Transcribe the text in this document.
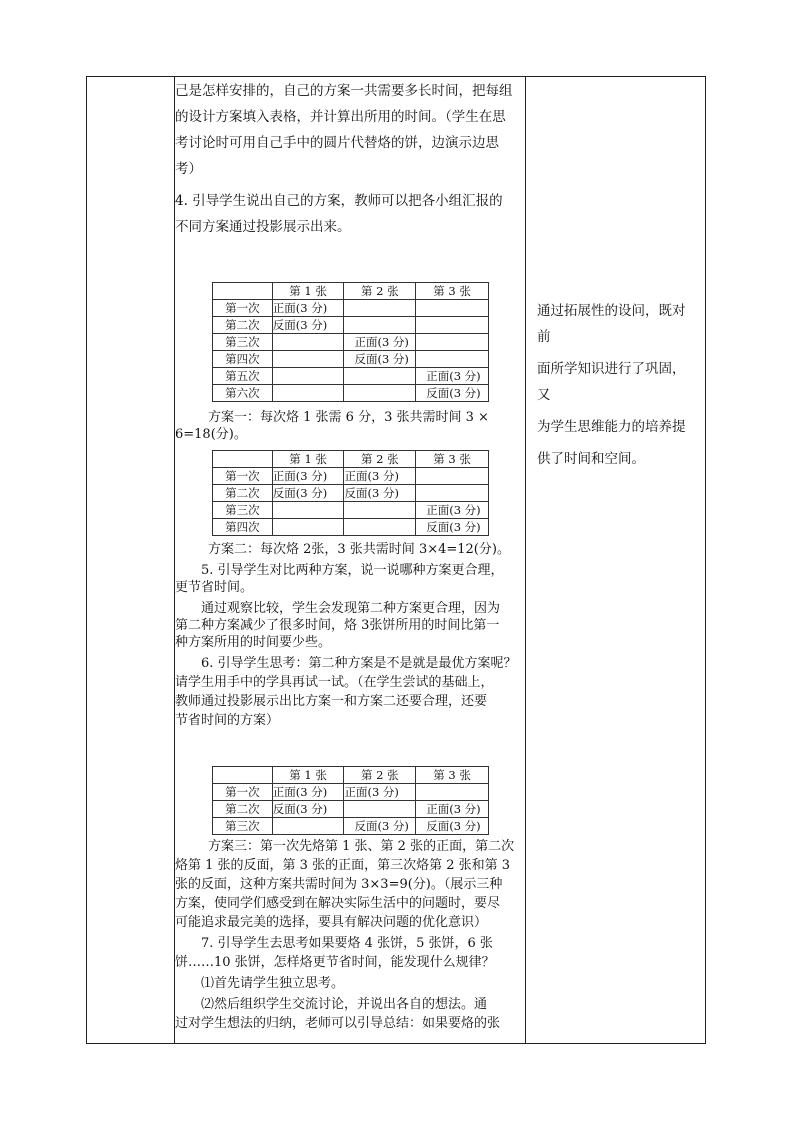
己是怎样安排的，自己的方案一共需要多长时间，把每组

的设计方案填入表格，并计算出所用的时间。（学生在思

考讨论时可用自己手中的圆片代替烙的饼，边演示边思

考）

4. 引导学生说出自己的方案，教师可以把各小组汇报的

不同方案通过投影展示出来。

	第 1 张	第 2 张	第 3 张
第一次	正面(3 分)		
第二次	反面(3 分)		
第三次		正面(3 分)	
第四次		反面(3 分)	
第五次			正面(3 分)
第六次			反面(3 分)

方案一：每次烙 1 张需 6 分，3 张共需时间 3 ×

6=18(分)。

	第 1 张	第 2 张	第 3 张
第一次	正面(3 分)	正面(3 分)	
第二次	反面(3 分)	反面(3 分)	
第三次			正面(3 分)
第四次			反面(3 分)

方案二：每次烙 2张，3 张共需时间 3×4=12(分)。

5. 引导学生对比两种方案，说一说哪种方案更合理，

更节省时间。

通过观察比较，学生会发现第二种方案更合理，因为

第二种方案减少了很多时间，烙 3张饼所用的时间比第一

种方案所用的时间要少些。

6. 引导学生思考：第二种方案是不是就是最优方案呢？

请学生用手中的学具再试一试。（在学生尝试的基础上，

教师通过投影展示出比方案一和方案二还要合理，还要

节省时间的方案）

	第 1 张	第 2 张	第 3 张
第一次	正面(3 分)	正面(3 分)	
第二次	反面(3 分)		正面(3 分)
第三次		反面(3 分)	反面(3 分)

方案三：第一次先烙第 1 张、第 2 张的正面，第二次

烙第 1 张的反面，第 3 张的正面，第三次烙第 2 张和第 3

张的反面，这种方案共需时间为 3×3=9(分)。（展示三种

方案，使同学们感受到在解决实际生活中的问题时，要尽

可能追求最完美的选择，要具有解决问题的优化意识）

7. 引导学生去思考如果要烙 4 张饼，5 张饼，6 张

饼……10 张饼，怎样烙更节省时间，能发现什么规律？

⑴首先请学生独立思考。

⑵然后组织学生交流讨论，并说出各自的想法。通

过对学生想法的归纳，老师可以引导总结：如果要烙的张

通过拓展性的设问，既对前
面所学知识进行了巩固，又
为学生思维能力的培养提
供了时间和空间。
